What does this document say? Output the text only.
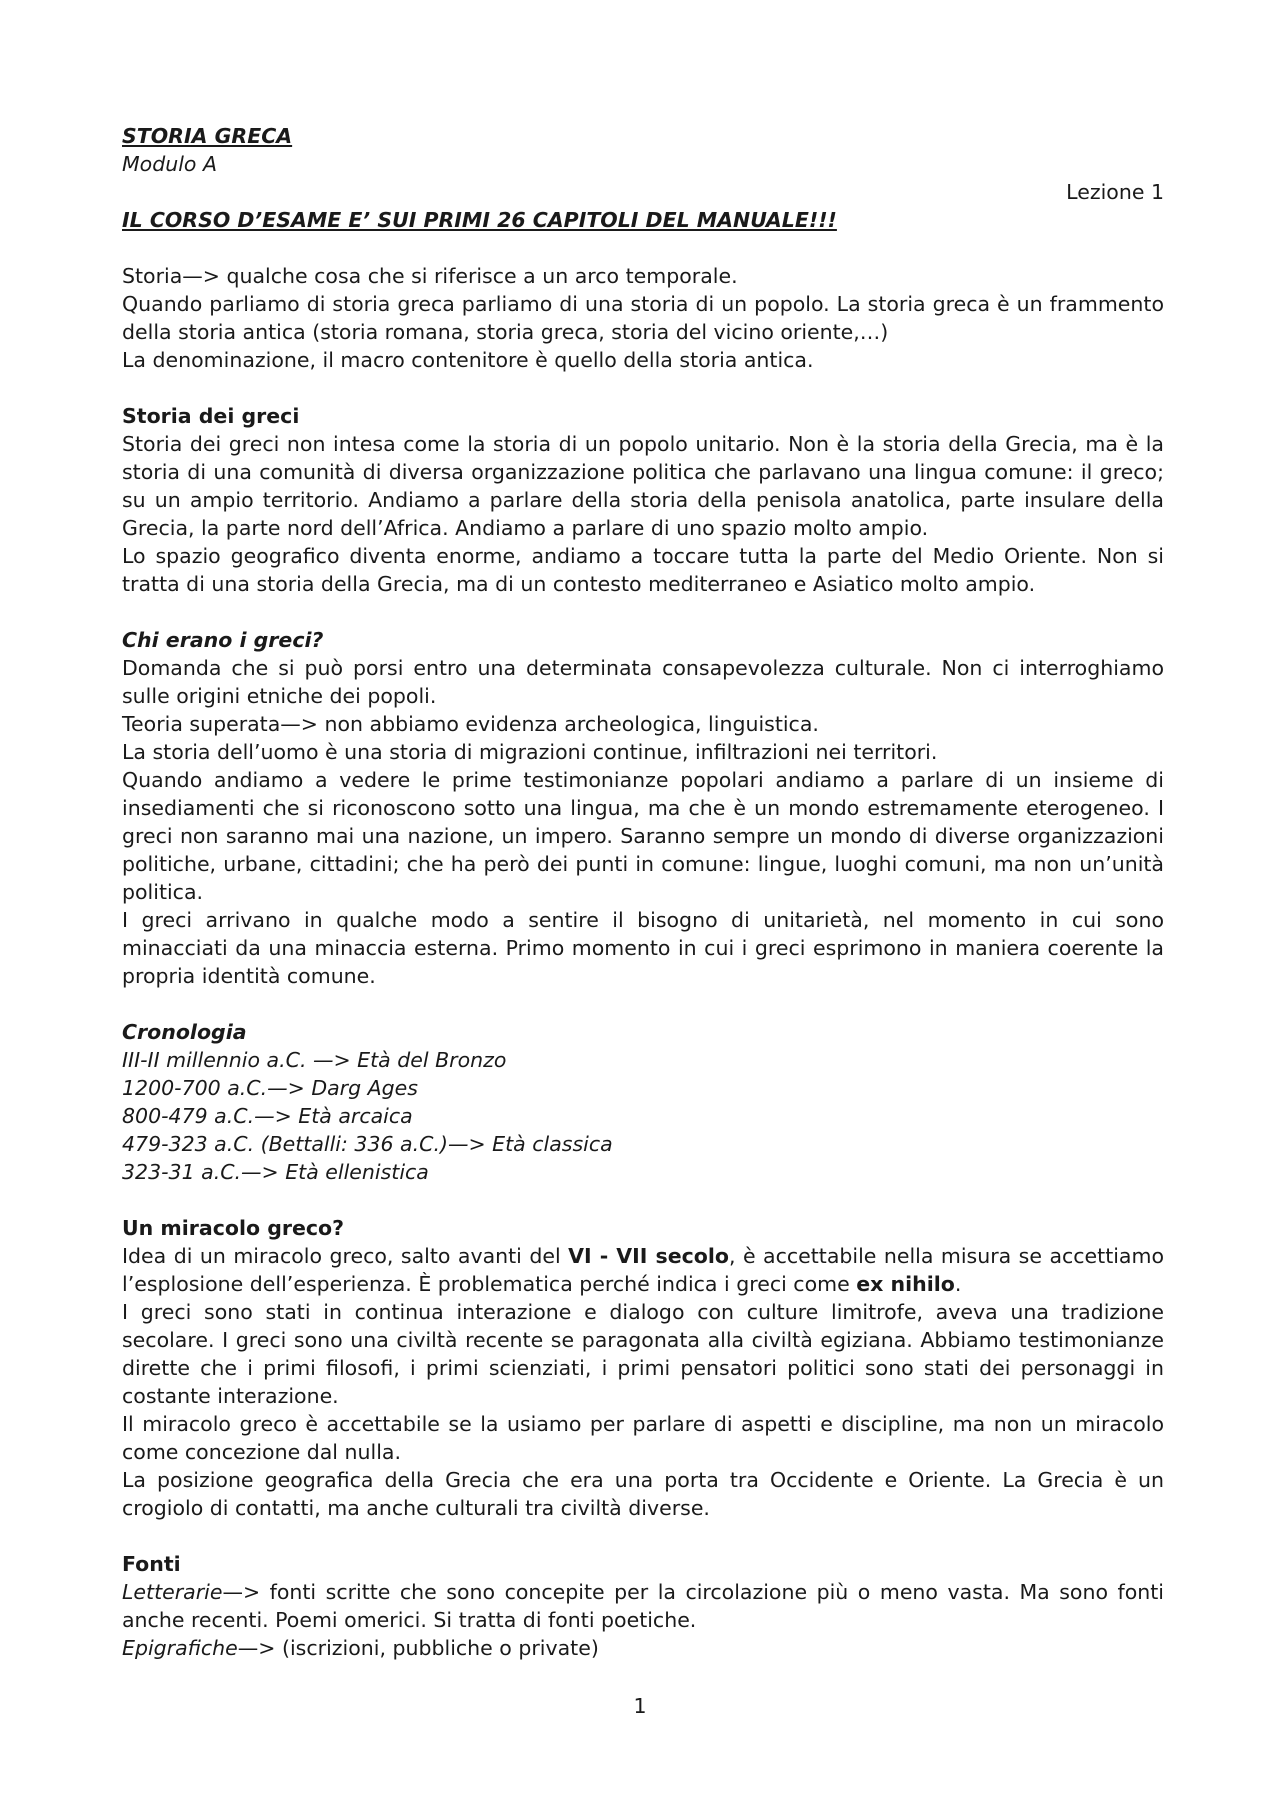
STORIA GRECA

Modulo A

Lezione 1

IL CORSO D’ESAME E’ SUI PRIMI 26 CAPITOLI DEL MANUALE!!!

Storia—> qualche cosa che si riferisce a un arco temporale.

Quando parliamo di storia greca parliamo di una storia di un popolo. La storia greca è un frammento

della storia antica (storia romana, storia greca, storia del vicino oriente,…)

La denominazione, il macro contenitore è quello della storia antica.

Storia dei greci

Storia dei greci non intesa come la storia di un popolo unitario. Non è la storia della Grecia, ma è la

storia di una comunità di diversa organizzazione politica che parlavano una lingua comune: il greco;

su un ampio territorio. Andiamo a parlare della storia della penisola anatolica, parte insulare della

Grecia, la parte nord dell’Africa. Andiamo a parlare di uno spazio molto ampio.

Lo spazio geografico diventa enorme, andiamo a toccare tutta la parte del Medio Oriente. Non si

tratta di una storia della Grecia, ma di un contesto mediterraneo e Asiatico molto ampio.

Chi erano i greci?

Domanda che si può porsi entro una determinata consapevolezza culturale. Non ci interroghiamo

sulle origini etniche dei popoli.

Teoria superata—> non abbiamo evidenza archeologica, linguistica.

La storia dell’uomo è una storia di migrazioni continue, infiltrazioni nei territori.

Quando andiamo a vedere le prime testimonianze popolari andiamo a parlare di un insieme di

insediamenti che si riconoscono sotto una lingua, ma che è un mondo estremamente eterogeneo. I

greci non saranno mai una nazione, un impero. Saranno sempre un mondo di diverse organizzazioni

politiche, urbane, cittadini; che ha però dei punti in comune: lingue, luoghi comuni, ma non un’unità

politica.

I greci arrivano in qualche modo a sentire il bisogno di unitarietà, nel momento in cui sono

minacciati da una minaccia esterna. Primo momento in cui i greci esprimono in maniera coerente la

propria identità comune.

Cronologia

III-II millennio a.C. —> Età del Bronzo

1200-700 a.C.—> Darg Ages

800-479 a.C.—> Età arcaica

479-323 a.C. (Bettalli: 336 a.C.)—> Età classica

323-31 a.C.—> Età ellenistica

Un miracolo greco?

Idea di un miracolo greco, salto avanti del VI - VII secolo, è accettabile nella misura se accettiamo

l’esplosione dell’esperienza. È problematica perché indica i greci come ex nihilo.

I greci sono stati in continua interazione e dialogo con culture limitrofe, aveva una tradizione

secolare. I greci sono una civiltà recente se paragonata alla civiltà egiziana. Abbiamo testimonianze

dirette che i primi filosofi, i primi scienziati, i primi pensatori politici sono stati dei personaggi in

costante interazione.

Il miracolo greco è accettabile se la usiamo per parlare di aspetti e discipline, ma non un miracolo

come concezione dal nulla.

La posizione geografica della Grecia che era una porta tra Occidente e Oriente. La Grecia è un

crogiolo di contatti, ma anche culturali tra civiltà diverse.

Fonti

Letterarie—> fonti scritte che sono concepite per la circolazione più o meno vasta. Ma sono fonti

anche recenti. Poemi omerici. Si tratta di fonti poetiche.

Epigrafiche—> (iscrizioni, pubbliche o private)

1
